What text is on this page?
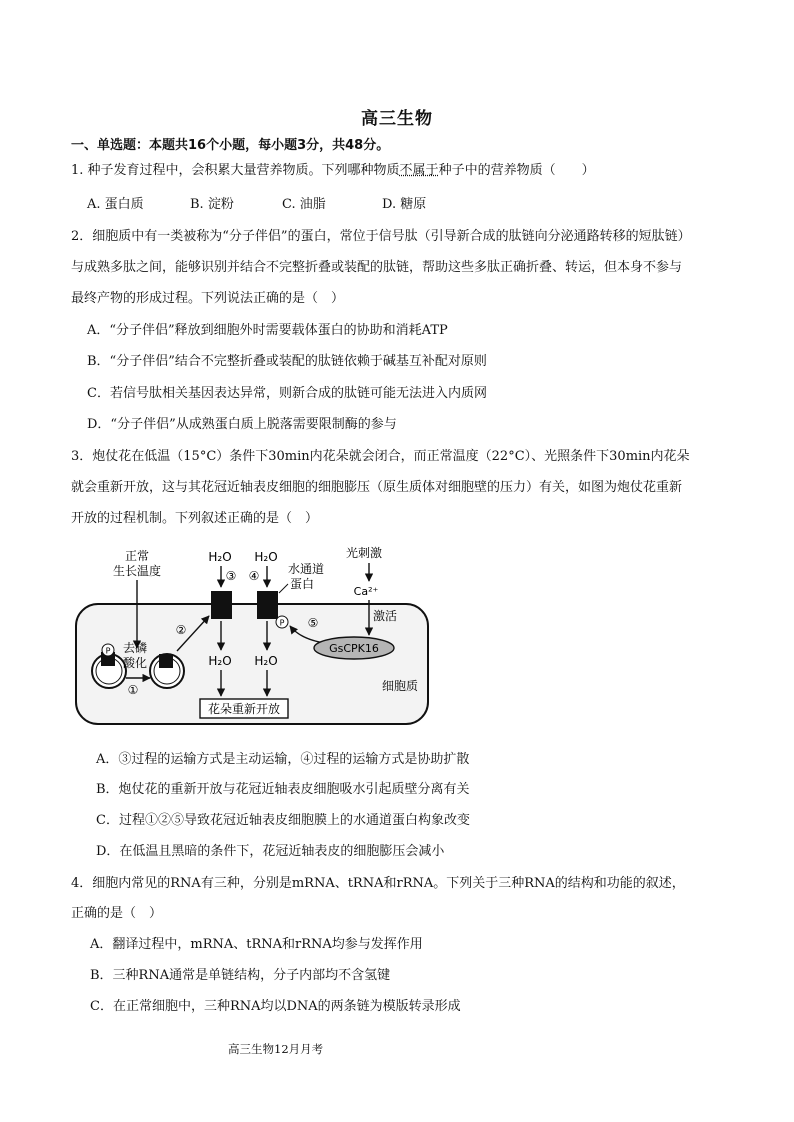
高三生物
一、单选题：本题共16个小题，每小题3分，共48分。
1. 种子发育过程中，会积累大量营养物质。下列哪种物质不属于种子中的营养物质（　　）
A. 蛋白质	B. 淀粉	C. 油脂	D. 糖原
2．细胞质中有一类被称为“分子伴侣”的蛋白，常位于信号肽（引导新合成的肽链向分泌通路转移的短肽链）
与成熟多肽之间，能够识别并结合不完整折叠或装配的肽链，帮助这些多肽正确折叠、转运，但本身不参与
最终产物的形成过程。下列说法正确的是（　）
A．“分子伴侣”释放到细胞外时需要载体蛋白的协助和消耗ATP
B．“分子伴侣”结合不完整折叠或装配的肽链依赖于碱基互补配对原则
C．若信号肽相关基因表达异常，则新合成的肽链可能无法进入内质网
D．“分子伴侣”从成熟蛋白质上脱落需要限制酶的参与
3．炮仗花在低温（15°C）条件下30min内花朵就会闭合，而正常温度（22°C）、光照条件下30min内花朵
就会重新开放，这与其花冠近轴表皮细胞的细胞膨压（原生质体对细胞壁的压力）有关，如图为炮仗花重新
开放的过程机制。下列叙述正确的是（　）
正常
生长温度
P 去磷
酸化
①
②
H₂O
③
H₂O
H₂O
④
H₂O
水通道
蛋白
P ⑤
GsCPK16
光刺激
Ca²⁺
激活
细胞质
花朵重新开放
A．③过程的运输方式是主动运输，④过程的运输方式是协助扩散
B．炮仗花的重新开放与花冠近轴表皮细胞吸水引起质壁分离有关
C．过程①②⑤导致花冠近轴表皮细胞膜上的水通道蛋白构象改变
D．在低温且黑暗的条件下，花冠近轴表皮的细胞膨压会减小
4．细胞内常见的RNA有三种，分别是mRNA、tRNA和rRNA。下列关于三种RNA的结构和功能的叙述，
正确的是（　）
A．翻译过程中，mRNA、tRNA和rRNA均参与发挥作用
B．三种RNA通常是单链结构，分子内部均不含氢键
C．在正常细胞中，三种RNA均以DNA的两条链为模版转录形成
高三生物12月月考
